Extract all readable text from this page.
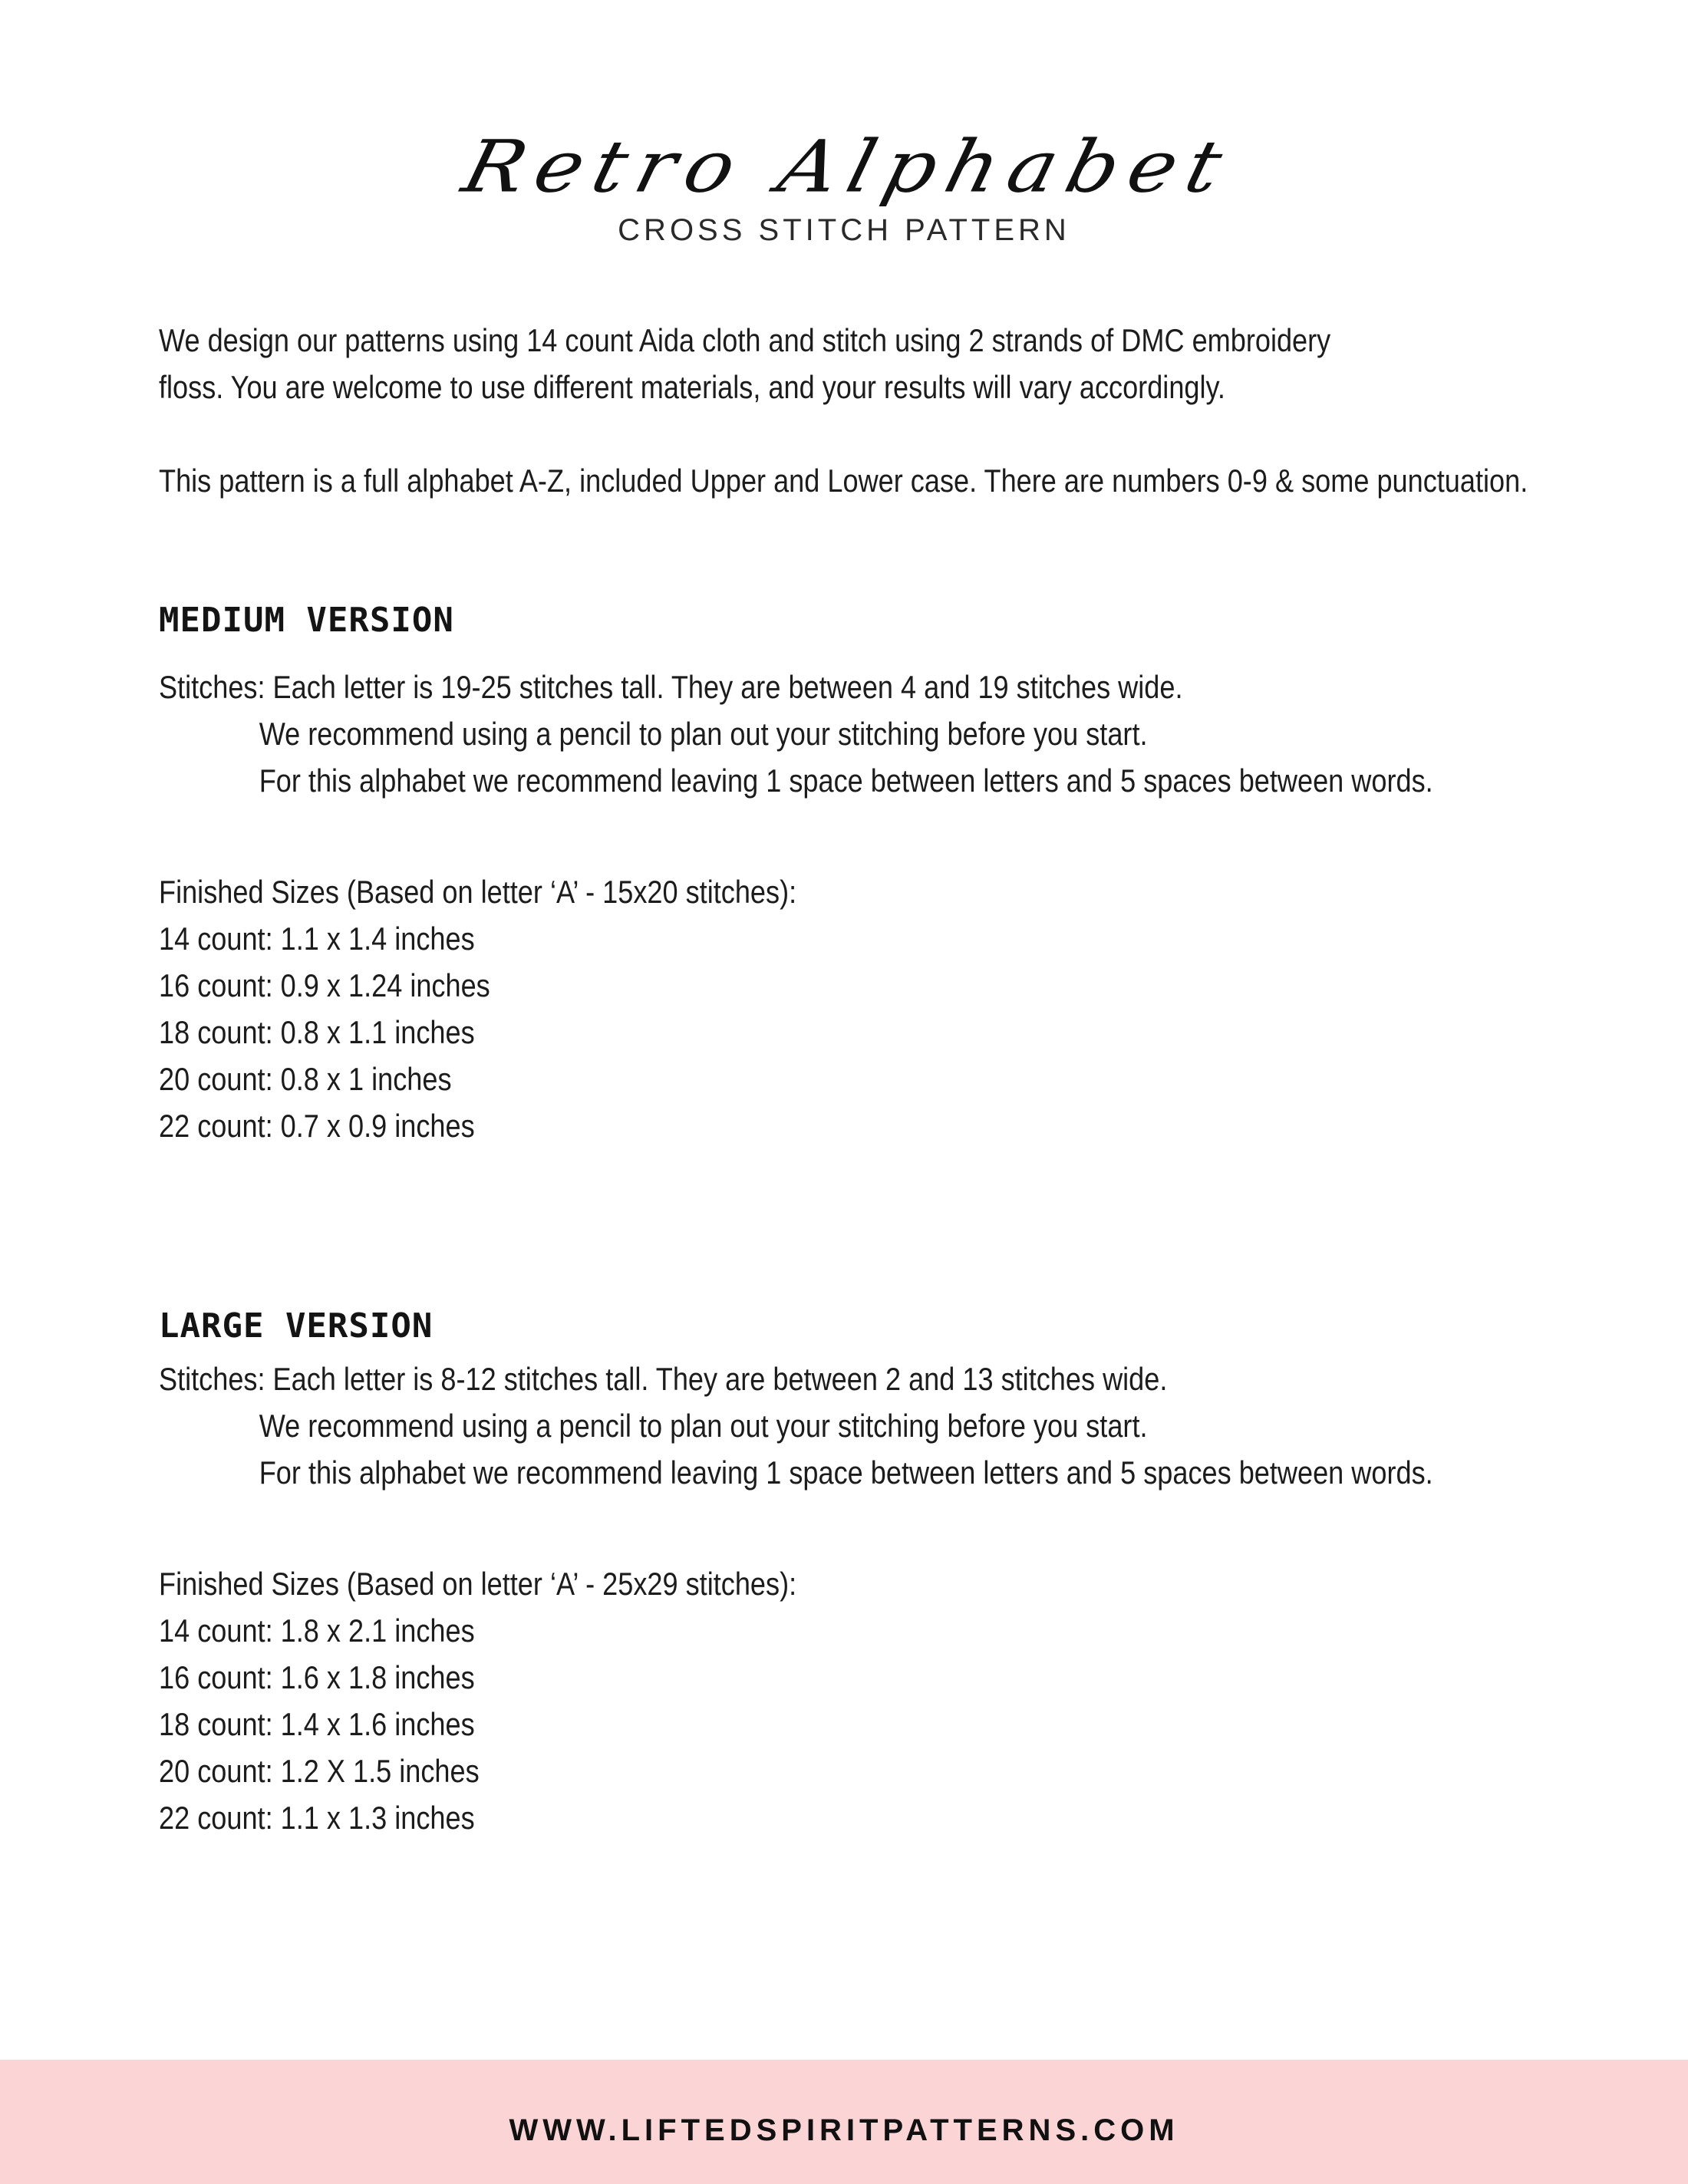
Retro Alphabet
CROSS STITCH PATTERN

We design our patterns using 14 count Aida cloth and stitch using 2 strands of DMC embroidery

floss. You are welcome to use different materials, and your results will vary accordingly.

This pattern is a full alphabet A-Z, included Upper and Lower case. There are numbers 0-9 & some punctuation.

MEDIUM VERSION

Stitches: Each letter is 19-25 stitches tall. They are between 4 and 19 stitches wide.

We recommend using a pencil to plan out your stitching before you start.

For this alphabet we recommend leaving 1 space between letters and 5 spaces between words.

Finished Sizes (Based on letter ‘A’ - 15x20 stitches):

14 count: 1.1 x 1.4 inches

16 count: 0.9 x 1.24 inches

18 count: 0.8 x 1.1 inches

20 count: 0.8 x 1 inches

22 count: 0.7 x 0.9 inches

LARGE VERSION

Stitches: Each letter is 8-12 stitches tall. They are between 2 and 13 stitches wide.

We recommend using a pencil to plan out your stitching before you start.

For this alphabet we recommend leaving 1 space between letters and 5 spaces between words.

Finished Sizes (Based on letter ‘A’ - 25x29 stitches):

14 count: 1.8 x 2.1 inches

16 count: 1.6 x 1.8 inches

18 count: 1.4 x 1.6 inches

20 count: 1.2 X 1.5 inches

22 count: 1.1 x 1.3 inches

WWW.LIFTEDSPIRITPATTERNS.COM
